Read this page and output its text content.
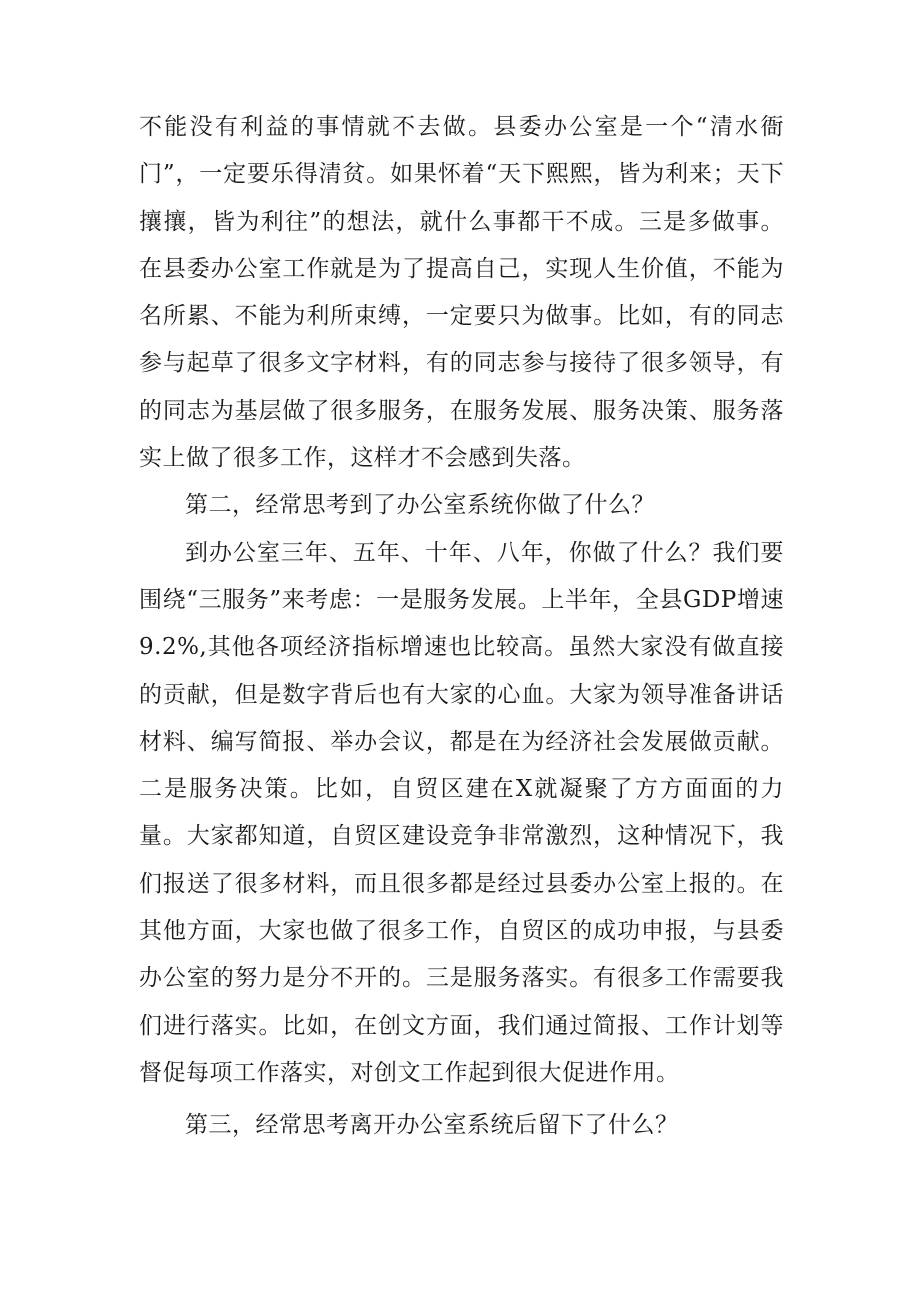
不能没有利益的事情就不去做。县委办公室是一个“清水衙门”，一定要乐得清贫。如果怀着“天下熙熙，皆为利来；天下攘攘，皆为利往”的想法，就什么事都干不成。三是多做事。在县委办公室工作就是为了提高自己，实现人生价值，不能为名所累、不能为利所束缚，一定要只为做事。比如，有的同志参与起草了很多文字材料，有的同志参与接待了很多领导，有的同志为基层做了很多服务，在服务发展、服务决策、服务落实上做了很多工作，这样才不会感到失落。

第二，经常思考到了办公室系统你做了什么？

到办公室三年、五年、十年、八年，你做了什么？我们要围绕“三服务”来考虑：一是服务发展。上半年，全县GDP增速9.2%,其他各项经济指标增速也比较高。虽然大家没有做直接的贡献，但是数字背后也有大家的心血。大家为领导准备讲话材料、编写简报、举办会议，都是在为经济社会发展做贡献。二是服务决策。比如，自贸区建在X就凝聚了方方面面的力量。大家都知道，自贸区建设竞争非常激烈，这种情况下，我们报送了很多材料，而且很多都是经过县委办公室上报的。在其他方面，大家也做了很多工作，自贸区的成功申报，与县委办公室的努力是分不开的。三是服务落实。有很多工作需要我们进行落实。比如，在创文方面，我们通过简报、工作计划等督促每项工作落实，对创文工作起到很大促进作用。

第三，经常思考离开办公室系统后留下了什么？
